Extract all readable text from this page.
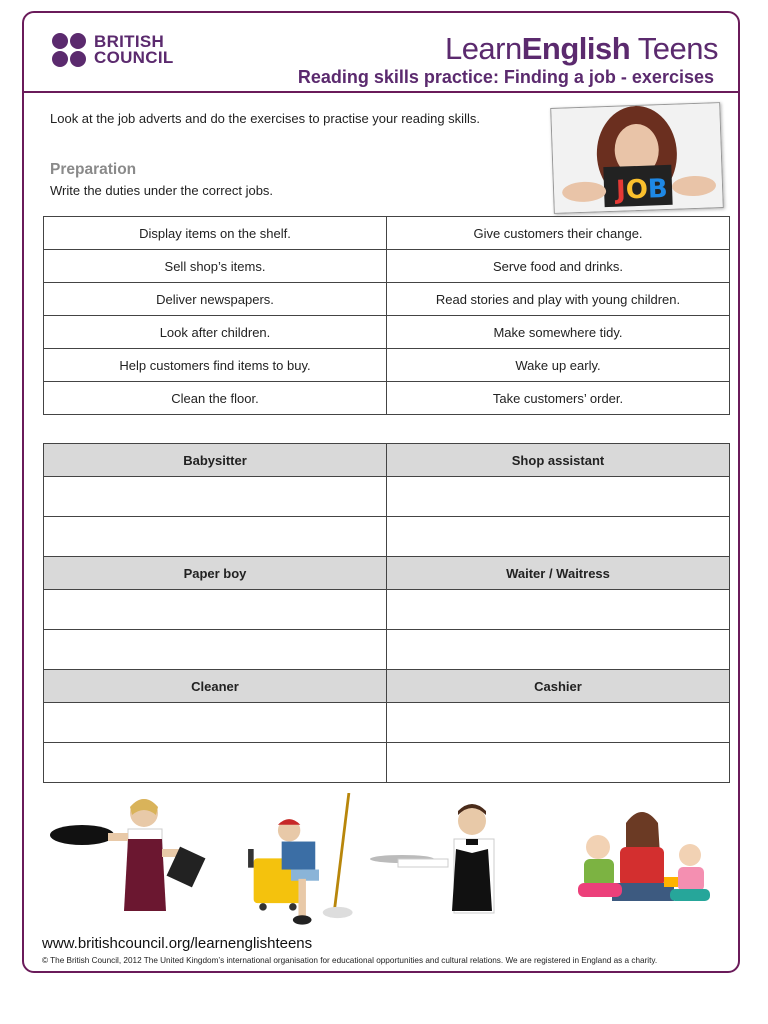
BRITISH
COUNCIL	LearnEnglish Teens
Reading skills practice: Finding a job - exercises
Look at the job adverts and do the exercises to practise your reading skills.
Preparation
Write the duties under the correct jobs.	JOB
Display items on the shelf.	Give customers their change.
Sell shop’s items.	Serve food and drinks.
Deliver newspapers.	Read stories and play with young children.
Look after children.	Make somewhere tidy.
Help customers find items to buy.	Wake up early.
Clean the floor.	Take customers’ order.
Babysitter	Shop assistant

Paper boy	Waiter / Waitress

Cleaner	Cashier

www.britishcouncil.org/learnenglishteens
© The British Council, 2012 The United Kingdom’s international organisation for educational opportunities and cultural relations. We are registered in England as a charity.
